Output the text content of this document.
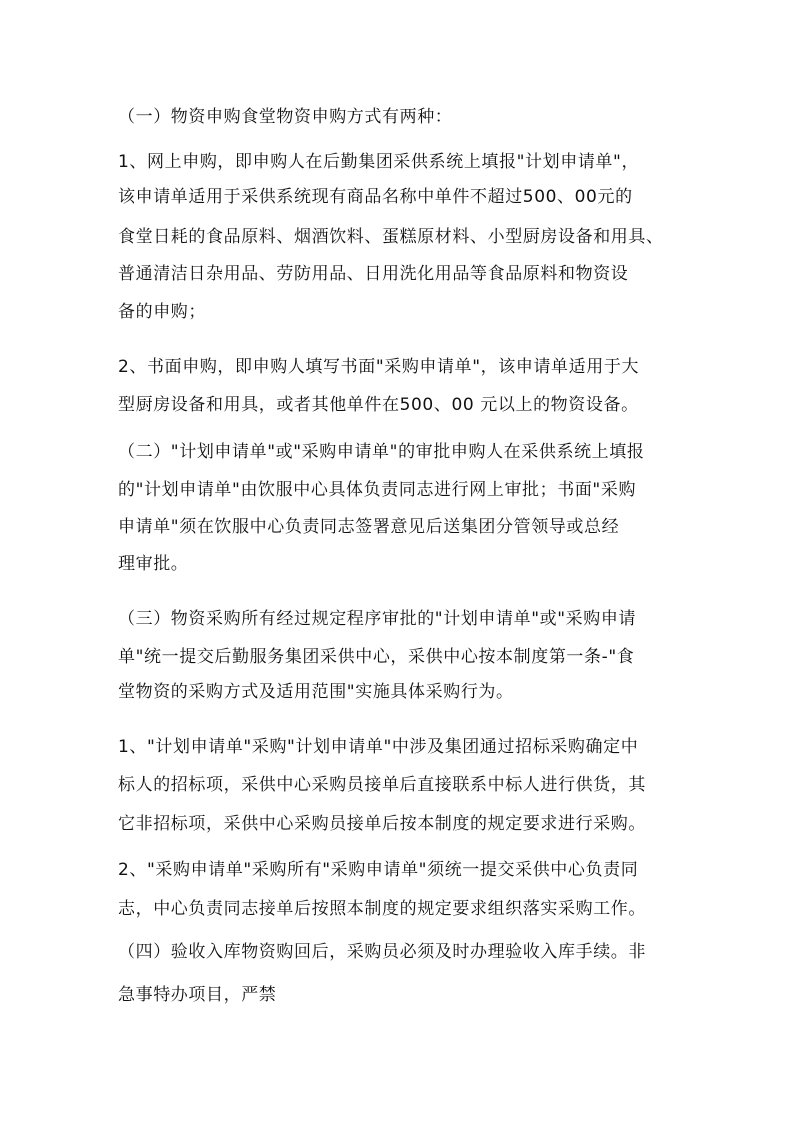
（一）物资申购食堂物资申购方式有两种：
1、网上申购，即申购人在后勤集团采供系统上填报"计划申请单"，
该申请单适用于采供系统现有商品名称中单件不超过500、00元的
食堂日耗的食品原料、烟酒饮料、蛋糕原材料、小型厨房设备和用具、
普通清洁日杂用品、劳防用品、日用洗化用品等食品原料和物资设
备的申购；
2、书面申购，即申购人填写书面"采购申请单"，该申请单适用于大
型厨房设备和用具，或者其他单件在500、00 元以上的物资设备。
（二）"计划申请单"或"采购申请单"的审批申购人在采供系统上填报
的"计划申请单"由饮服中心具体负责同志进行网上审批；书面"采购
申请单"须在饮服中心负责同志签署意见后送集团分管领导或总经
理审批。
（三）物资采购所有经过规定程序审批的"计划申请单"或"采购申请
单"统一提交后勤服务集团采供中心，采供中心按本制度第一条-"食
堂物资的采购方式及适用范围"实施具体采购行为。
1、"计划申请单"采购"计划申请单"中涉及集团通过招标采购确定中
标人的招标项，采供中心采购员接单后直接联系中标人进行供货，其
它非招标项，采供中心采购员接单后按本制度的规定要求进行采购。
2、"采购申请单"采购所有"采购申请单"须统一提交采供中心负责同
志，中心负责同志接单后按照本制度的规定要求组织落实采购工作。
（四）验收入库物资购回后，采购员必须及时办理验收入库手续。非
急事特办项目，严禁
